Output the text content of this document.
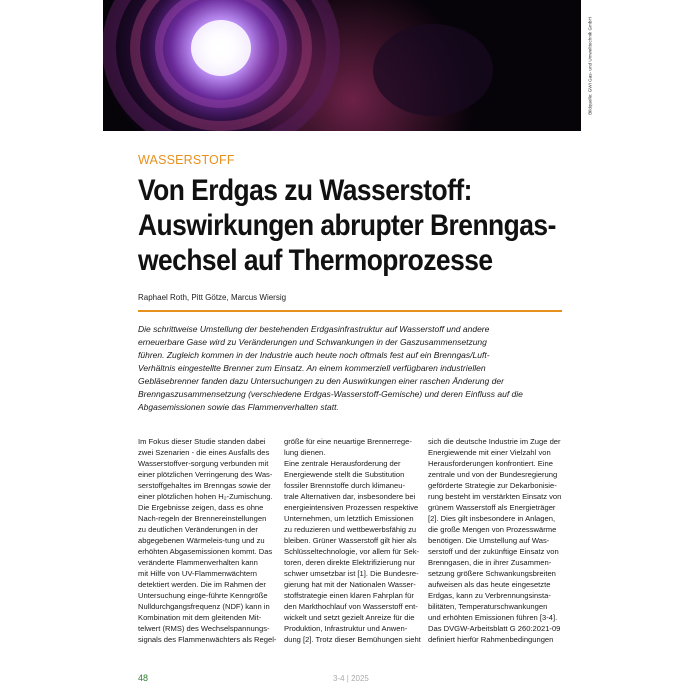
Bildquelle: GWI Gas- und Umwelttechnik GmbH
WASSERSTOFF
Von Erdgas zu Wasserstoff:
Auswirkungen abrupter Brenngas-
wechsel auf Thermoprozesse
Raphael Roth, Pitt Götze, Marcus Wiersig
Die schrittweise Umstellung der bestehenden Erdgasinfrastruktur auf Wasserstoff und andere
erneuerbare Gase wird zu Veränderungen und Schwankungen in der Gaszusammensetzung
führen. Zugleich kommen in der Industrie auch heute noch oftmals fest auf ein Brenngas/Luft-
Verhältnis eingestellte Brenner zum Einsatz. An einem kommerziell verfügbaren industriellen
Gebläsebrenner fanden dazu Untersuchungen zu den Auswirkungen einer raschen Änderung der
Brenngaszusammensetzung (verschiedene Erdgas-Wasserstoff-Gemische) und deren Einfluss auf die
Abgasemissionen sowie das Flammenverhalten statt.
Im Fokus dieser Studie standen dabei
zwei Szenarien - die eines Ausfalls des
Wasserstoffver-sorgung verbunden mit
einer plötzlichen Verringerung des Was-
serstoffgehaltes im Brenngas sowie der
einer plötzlichen hohen H₂-Zumischung.
Die Ergebnisse zeigen, dass es ohne
Nach-regeln der Brennereinstellungen
zu deutlichen Veränderungen in der
abgegebenen Wärmeleis-tung und zu
erhöhten Abgasemissionen kommt. Das
veränderte Flammenverhalten kann
mit Hilfe von UV-Flammenwächtern
detektiert werden. Die im Rahmen der
Untersuchung einge-führte Kenngröße
Nulldurchgangsfrequenz (NDF) kann in
Kombination mit dem gleitenden Mit-
telwert (RMS) des Wechselspannungs-
signals des Flammenwächters als Regel-
größe für eine neuartige Brennerrege-
lung dienen.
Eine zentrale Herausforderung der
Energiewende stellt die Substitution
fossiler Brennstoffe durch klimaneu-
trale Alternativen dar, insbesondere bei
energieintensiven Prozessen respektive
Unternehmen, um letztlich Emissionen
zu reduzieren und wettbewerbsfähig zu
bleiben. Grüner Wasserstoff gilt hier als
Schlüsseltechnologie, vor allem für Sek-
toren, deren direkte Elektrifizierung nur
schwer umsetzbar ist [1]. Die Bundesre-
gierung hat mit der Nationalen Wasser-
stoffstrategie einen klaren Fahrplan für
den Markthochlauf von Wasserstoff ent-
wickelt und setzt gezielt Anreize für die
Produktion, Infrastruktur und Anwen-
dung [2]. Trotz dieser Bemühungen sieht
sich die deutsche Industrie im Zuge der
Energiewende mit einer Vielzahl von
Herausforderungen konfrontiert. Eine
zentrale und von der Bundesregierung
geförderte Strategie zur Dekarbonisie-
rung besteht im verstärkten Einsatz von
grünem Wasserstoff als Energieträger
[2]. Dies gilt insbesondere in Anlagen,
die große Mengen von Prozesswärme
benötigen. Die Umstellung auf Was-
serstoff und der zukünftige Einsatz von
Brenngasen, die in ihrer Zusammen-
setzung größere Schwankungsbreiten
aufweisen als das heute eingesetzte
Erdgas, kann zu Verbrennungsinsta-
bilitäten, Temperaturschwankungen
und erhöhten Emissionen führen [3-4].
Das DVGW-Arbeitsblatt G 260:2021-09
definiert hierfür Rahmenbedingungen
48	3-4 | 2025
